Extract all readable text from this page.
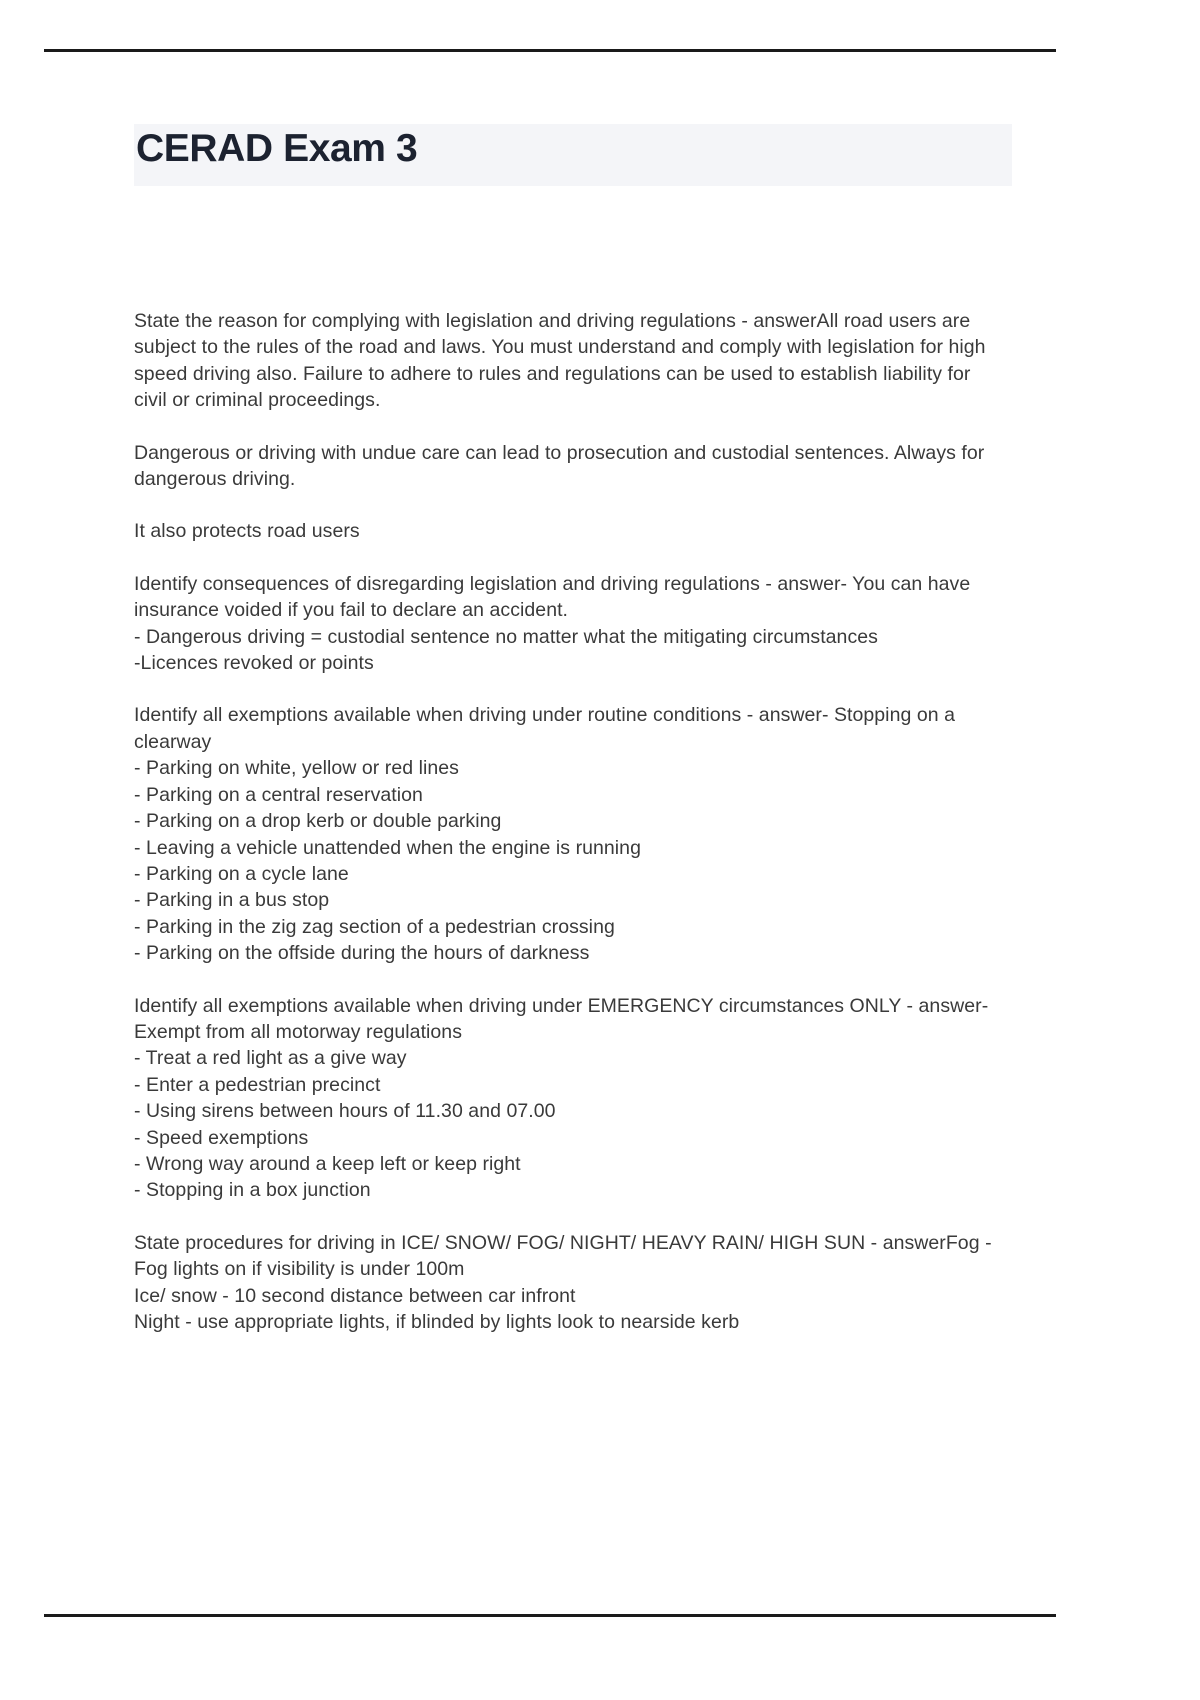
CERAD Exam 3

State the reason for complying with legislation and driving regulations - answerAll road users are subject to the rules of the road and laws. You must understand and comply with legislation for high speed driving also. Failure to adhere to rules and regulations can be used to establish liability for civil or criminal proceedings.

Dangerous or driving with undue care can lead to prosecution and custodial sentences. Always for dangerous driving.

It also protects road users

Identify consequences of disregarding legislation and driving regulations - answer- You can have insurance voided if you fail to declare an accident.
- Dangerous driving = custodial sentence no matter what the mitigating circumstances
-Licences revoked or points
Identify all exemptions available when driving under routine conditions - answer- Stopping on a clearway
- Parking on white, yellow or red lines
- Parking on a central reservation
- Parking on a drop kerb or double parking
- Leaving a vehicle unattended when the engine is running
- Parking on a cycle lane
- Parking in a bus stop
- Parking in the zig zag section of a pedestrian crossing
- Parking on the offside during the hours of darkness
Identify all exemptions available when driving under EMERGENCY circumstances ONLY - answer- Exempt from all motorway regulations
- Treat a red light as a give way
- Enter a pedestrian precinct
- Using sirens between hours of 11.30 and 07.00
- Speed exemptions
- Wrong way around a keep left or keep right
- Stopping in a box junction
State procedures for driving in ICE/ SNOW/ FOG/ NIGHT/ HEAVY RAIN/ HIGH SUN - answerFog - Fog lights on if visibility is under 100m
Ice/ snow - 10 second distance between car infront
Night - use appropriate lights, if blinded by lights look to nearside kerb
